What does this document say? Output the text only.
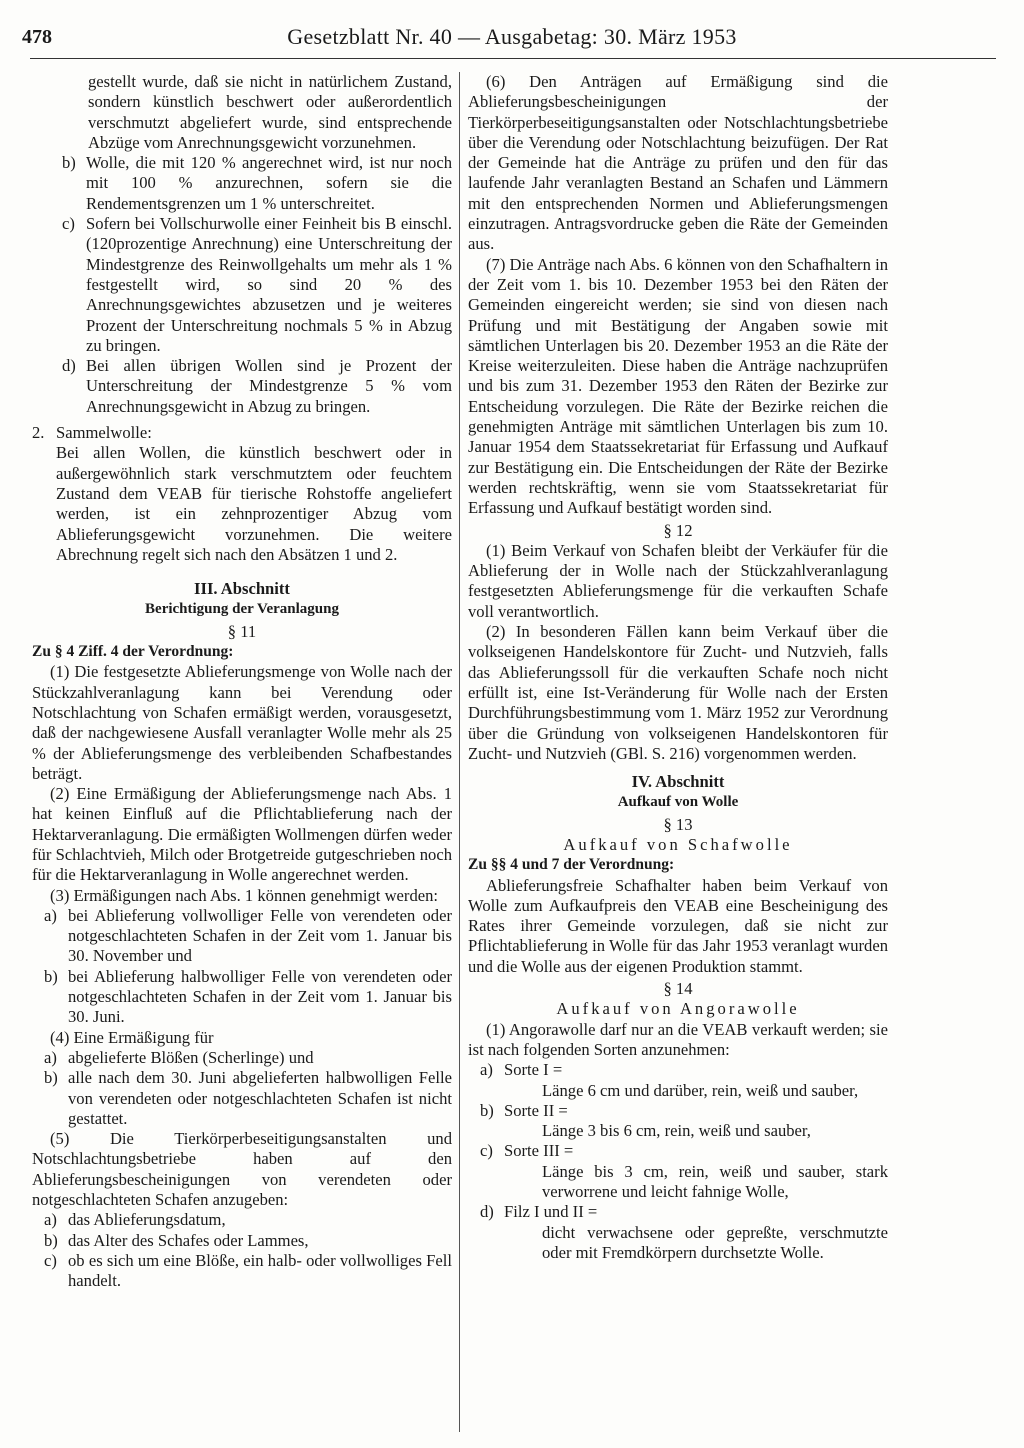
478	Gesetzblatt Nr. 40 — Ausgabetag: 30. März 1953

gestellt wurde, daß sie nicht in natürlichem Zustand, sondern künstlich beschwert oder außerordentlich verschmutzt abgeliefert wurde, sind entsprechende Abzüge vom Anrechnungsgewicht vorzunehmen.

b) Wolle, die mit 120 % angerechnet wird, ist nur noch mit 100 % anzurechnen, sofern sie die Rendementsgrenzen um 1 % unterschreitet.
c) Sofern bei Vollschurwolle einer Feinheit bis B einschl. (120prozentige Anrechnung) eine Unterschreitung der Mindestgrenze des Reinwollgehalts um mehr als 1 % festgestellt wird, so sind 20 % des Anrechnungsgewichtes abzusetzen und je weiteres Prozent der Unterschreitung nochmals 5 % in Abzug zu bringen.
d) Bei allen übrigen Wollen sind je Prozent der Unterschreitung der Mindestgrenze 5 % vom Anrechnungsgewicht in Abzug zu bringen.
2. Sammelwolle:
Bei allen Wollen, die künstlich beschwert oder in außergewöhnlich stark verschmutztem oder feuchtem Zustand dem VEAB für tierische Rohstoffe angeliefert werden, ist ein zehnprozentiger Abzug vom Ablieferungsgewicht vorzunehmen. Die weitere Abrechnung regelt sich nach den Absätzen 1 und 2.
III. Abschnitt
Berichtigung der Veranlagung
§ 11
Zu § 4 Ziff. 4 der Verordnung:

(1) Die festgesetzte Ablieferungsmenge von Wolle nach der Stückzahlveranlagung kann bei Verendung oder Notschlachtung von Schafen ermäßigt werden, vorausgesetzt, daß der nachgewiesene Ausfall veranlagter Wolle mehr als 25 % der Ablieferungsmenge des verbleibenden Schafbestandes beträgt.

(2) Eine Ermäßigung der Ablieferungsmenge nach Abs. 1 hat keinen Einfluß auf die Pflichtablieferung nach der Hektarveranlagung. Die ermäßigten Wollmengen dürfen weder für Schlachtvieh, Milch oder Brotgetreide gutgeschrieben noch für die Hektarveranlagung in Wolle angerechnet werden.

(3) Ermäßigungen nach Abs. 1 können genehmigt werden:

a) bei Ablieferung vollwolliger Felle von verendeten oder notgeschlachteten Schafen in der Zeit vom 1. Januar bis 30. November und
b) bei Ablieferung halbwolliger Felle von verendeten oder notgeschlachteten Schafen in der Zeit vom 1. Januar bis 30. Juni.

(4) Eine Ermäßigung für

a) abgelieferte Blößen (Scherlinge) und
b) alle nach dem 30. Juni abgelieferten halbwolligen Felle von verendeten oder notgeschlachteten Schafen ist nicht gestattet.

(5) Die Tierkörperbeseitigungsanstalten und Notschlachtungsbetriebe haben auf den Ablieferungsbescheinigungen von verendeten oder notgeschlachteten Schafen anzugeben:

a) das Ablieferungsdatum,
b) das Alter des Schafes oder Lammes,
c) ob es sich um eine Blöße, ein halb- oder vollwolliges Fell handelt.

(6) Den Anträgen auf Ermäßigung sind die Ablieferungsbescheinigungen der Tierkörperbeseitigungsanstalten oder Notschlachtungsbetriebe über die Verendung oder Notschlachtung beizufügen. Der Rat der Gemeinde hat die Anträge zu prüfen und den für das laufende Jahr veranlagten Bestand an Schafen und Lämmern mit den entsprechenden Normen und Ablieferungsmengen einzutragen. Antragsvordrucke geben die Räte der Gemeinden aus.

(7) Die Anträge nach Abs. 6 können von den Schafhaltern in der Zeit vom 1. bis 10. Dezember 1953 bei den Räten der Gemeinden eingereicht werden; sie sind von diesen nach Prüfung und mit Bestätigung der Angaben sowie mit sämtlichen Unterlagen bis 20. Dezember 1953 an die Räte der Kreise weiterzuleiten. Diese haben die Anträge nachzuprüfen und bis zum 31. Dezember 1953 den Räten der Bezirke zur Entscheidung vorzulegen. Die Räte der Bezirke reichen die genehmigten Anträge mit sämtlichen Unterlagen bis zum 10. Januar 1954 dem Staatssekretariat für Erfassung und Aufkauf zur Bestätigung ein. Die Entscheidungen der Räte der Bezirke werden rechtskräftig, wenn sie vom Staatssekretariat für Erfassung und Aufkauf bestätigt worden sind.

§ 12

(1) Beim Verkauf von Schafen bleibt der Verkäufer für die Ablieferung der in Wolle nach der Stückzahlveranlagung festgesetzten Ablieferungsmenge für die verkauften Schafe voll verantwortlich.

(2) In besonderen Fällen kann beim Verkauf über die volkseigenen Handelskontore für Zucht- und Nutzvieh, falls das Ablieferungssoll für die verkauften Schafe noch nicht erfüllt ist, eine Ist-Veränderung für Wolle nach der Ersten Durchführungsbestimmung vom 1. März 1952 zur Verordnung über die Gründung von volkseigenen Handelskontoren für Zucht- und Nutzvieh (GBl. S. 216) vorgenommen werden.

IV. Abschnitt
Aufkauf von Wolle
§ 13
Aufkauf von Schafwolle
Zu §§ 4 und 7 der Verordnung:

Ablieferungsfreie Schafhalter haben beim Verkauf von Wolle zum Aufkaufpreis den VEAB eine Bescheinigung des Rates ihrer Gemeinde vorzulegen, daß sie nicht zur Pflichtablieferung in Wolle für das Jahr 1953 veranlagt wurden und die Wolle aus der eigenen Produktion stammt.

§ 14
Aufkauf von Angorawolle

(1) Angorawolle darf nur an die VEAB verkauft werden; sie ist nach folgenden Sorten anzunehmen:

a) Sorte I =

Länge 6 cm und darüber, rein, weiß und sauber,

b) Sorte II =

Länge 3 bis 6 cm, rein, weiß und sauber,

c) Sorte III =

Länge bis 3 cm, rein, weiß und sauber, stark verworrene und leicht fahnige Wolle,

d) Filz I und II =

dicht verwachsene oder gepreßte, verschmutzte oder mit Fremdkörpern durchsetzte Wolle.
